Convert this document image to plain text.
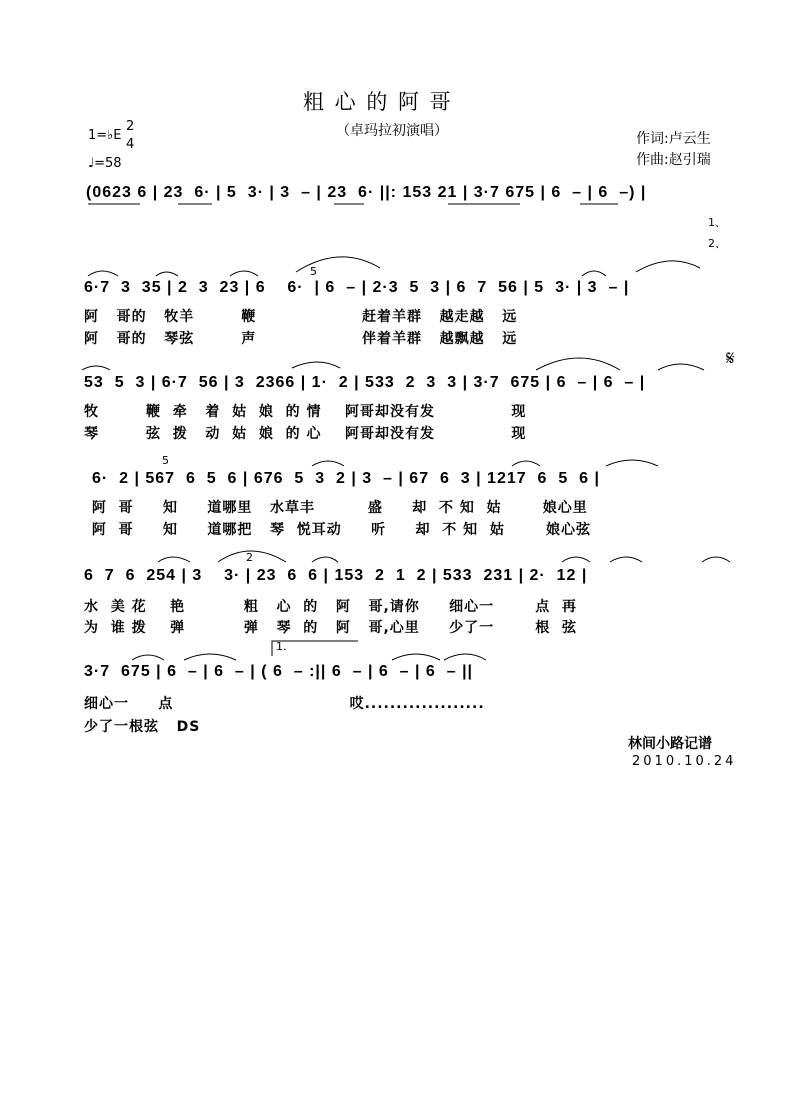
粗 心 的 阿 哥
（卓玛拉初演唱）
1=♭E
2
4
♩=58
作词:卢云生
作曲:赵引瑞
(0623 6 | 23  6· | 5  3· | 3  – | 23  6· ||: 153 21 | 3·7 675 | 6  – | 6  –) |
1、
2、
6·7  3  35 | 2  3  23 | 6    6·  | 6  – | 2·3  5  3 | 6  7  56 | 5  3· | 3  – |
5
阿   哥的   牧羊        鞭                  赶着羊群   越走越   远
阿   哥的   琴弦        声                  伴着羊群   越飘越   远
53  5  3 | 6·7  56 | 3  2366 | 1·  2 | 533  2  3  3 | 3·7  675 | 6  – | 6  – |
𝄋
牧        鞭  牵   着  姑  娘  的 情    阿哥却没有发             现
琴        弦  拨   动  姑  娘  的 心    阿哥却没有发             现
6·  2 | 567  6  5  6 | 676  5  3  2 | 3  – | 67  6  3 | 1217  6  5  6 |
5
阿  哥     知     道哪里   水草丰         盛     却  不 知  姑       娘心里
阿  哥     知     道哪把   琴  悦耳动     听     却  不 知  姑       娘心弦
6  7  6  254 | 3    3· | 23  6  6 | 153  2  1  2 | 533  231 | 2·  12 |
2
水  美 花    艳          粗   心  的   阿   哥,请你     细心一       点  再
为  谁 拨    弹          弹   琴  的   阿   哥,心里     少了一       根  弦
3·7  675 | 6  – | 6  – | ( 6  – :|| 6  – | 6  – | 6  – ||
1.
细心一     点                              哎...................
少了一根弦   DS
林间小路记谱
2010.10.24
